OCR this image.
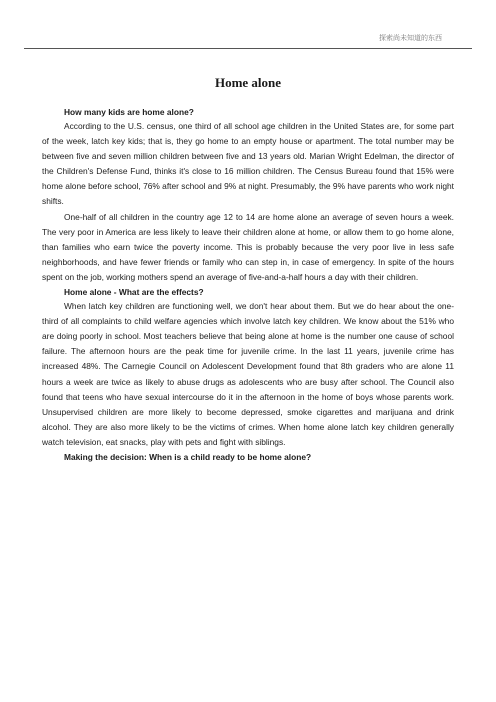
探索尚未知道的东西
Home alone

How many kids are home alone?

According to the U.S. census, one third of all school age children in the United States are, for some part of the week, latch key kids; that is, they go home to an empty house or apartment. The total number may be between five and seven million children between five and 13 years old. Marian Wright Edelman, the director of the Children's Defense Fund, thinks it's close to 16 million children. The Census Bureau found that 15% were home alone before school, 76% after school and 9% at night. Presumably, the 9% have parents who work night shifts.

One-half of all children in the country age 12 to 14 are home alone an average of seven hours a week. The very poor in America are less likely to leave their children alone at home, or allow them to go home alone, than families who earn twice the poverty income. This is probably because the very poor live in less safe neighborhoods, and have fewer friends or family who can step in, in case of emergency. In spite of the hours spent on the job, working mothers spend an average of five-and-a-half hours a day with their children.

Home alone - What are the effects?

When latch key children are functioning well, we don't hear about them. But we do hear about the one-third of all complaints to child welfare agencies which involve latch key children. We know about the 51% who are doing poorly in school. Most teachers believe that being alone at home is the number one cause of school failure. The afternoon hours are the peak time for juvenile crime. In the last 11 years, juvenile crime has increased 48%. The Carnegie Council on Adolescent Development found that 8th graders who are alone 11 hours a week are twice as likely to abuse drugs as adolescents who are busy after school. The Council also found that teens who have sexual intercourse do it in the afternoon in the home of boys whose parents work. Unsupervised children are more likely to become depressed, smoke cigarettes and marijuana and drink alcohol. They are also more likely to be the victims of crimes. When home alone latch key children generally watch television, eat snacks, play with pets and fight with siblings.

Making the decision: When is a child ready to be home alone?
